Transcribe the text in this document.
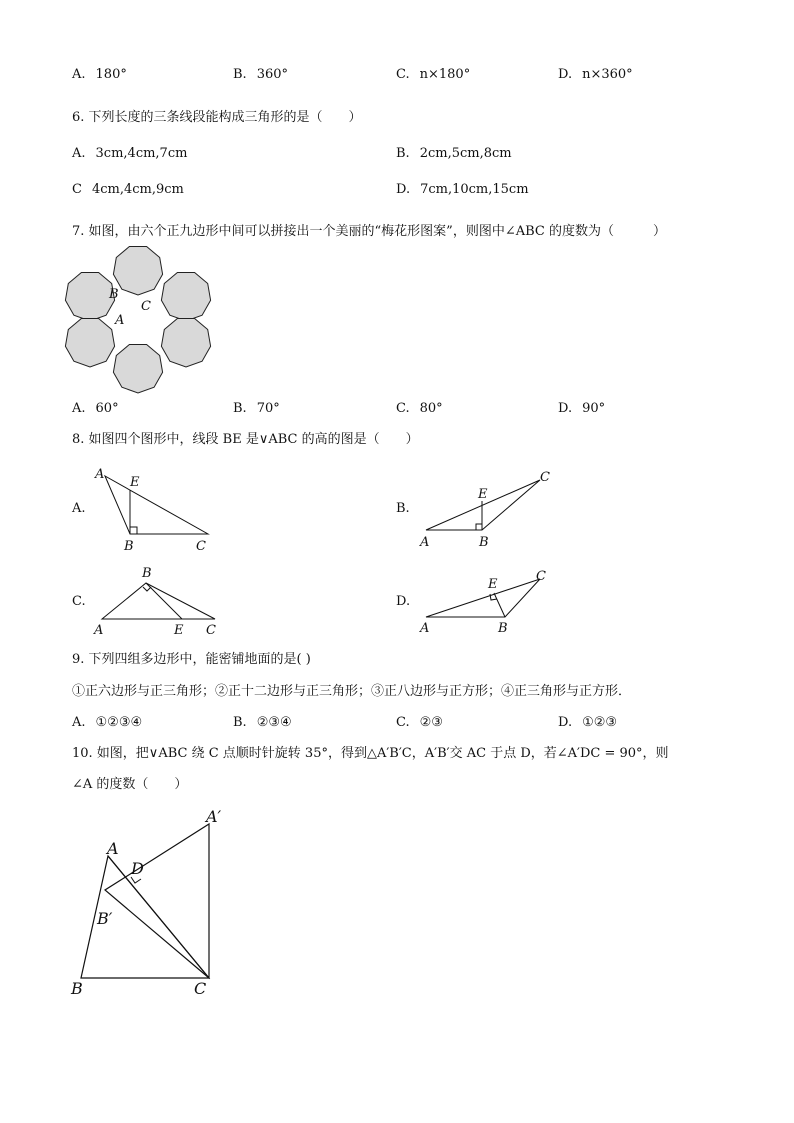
A. 180°	B. 360°	C. n×180°	D. n×360°
6. 下列长度的三条线段能构成三角形的是（　　）
A. 3cm,4cm,7cm	B. 2cm,5cm,8cm
C 4cm,4cm,9cm	D. 7cm,10cm,15cm
7. 如图，由六个正九边形中间可以拼接出一个美丽的“梅花形图案”，则图中∠ABC 的度数为（　　　）
B
C
A
A. 60°	B. 70°	C. 80°	D. 90°
8. 如图四个图形中，线段 BE 是∨ABC 的高的图是（　　）
A.
A
E
B	C
B.
E
C
A	B
C.
B
A	E C
D.
E
C
A	B
9. 下列四组多边形中，能密铺地面的是( )
①正六边形与正三角形；②正十二边形与正三角形；③正八边形与正方形；④正三角形与正方形．
A. ①②③④	B. ②③④	C. ②③	D. ①②③
10. 如图，把∨ABC 绕 C 点顺时针旋转 35°，得到△A′B′C，A′B′交 AC 于点 D，若∠A′DC = 90°，则
∠A 的度数（　　）
A′
A
D
B′
B	C
